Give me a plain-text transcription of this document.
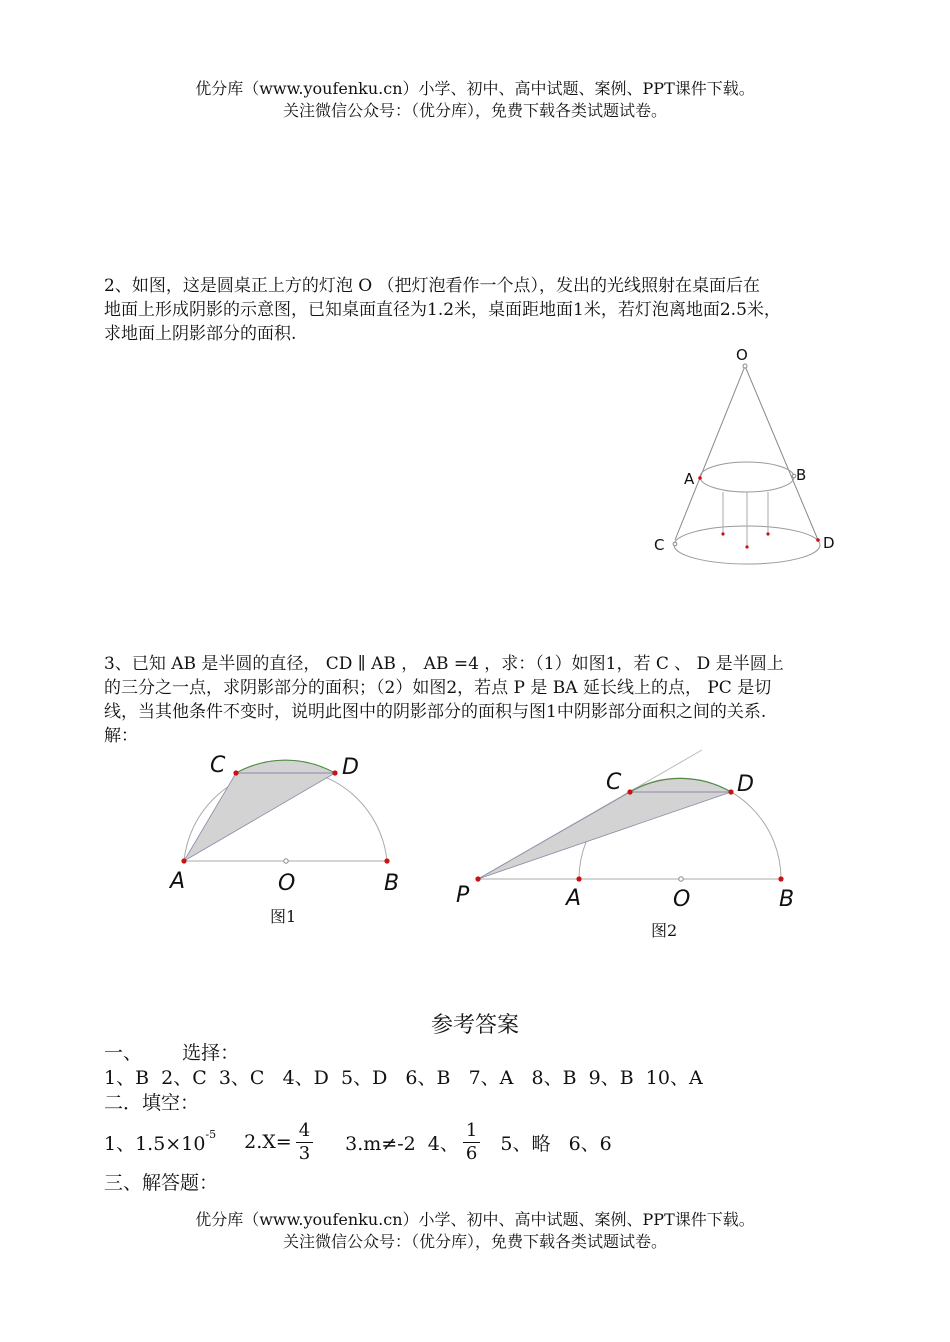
优分库（www.youfenku.cn）小学、初中、高中试题、案例、PPT课件下载。
关注微信公众号：（优分库），免费下载各类试题试卷。

2、如图，这是圆桌正上方的灯泡 O （把灯泡看作一个点），发出的光线照射在桌面后在

地面上形成阴影的示意图，已知桌面直径为1.2米，桌面距地面1米，若灯泡离地面2.5米，

求地面上阴影部分的面积.

O
A	B
C	D

3、已知 AB 是半圆的直径， CD ∥ AB ， AB =4 ，求：（1）如图1，若 C 、 D 是半圆上

的三分之一点，求阴影部分的面积；（2）如图2，若点 P 是 BA 延长线上的点， PC 是切

线，当其他条件不变时，说明此图中的阴影部分的面积与图1中阴影部分面积之间的关系.

解：

C	D
A	O	B
图1
C	D
P	A	O	B
图2
参考答案
一、 选择：
1、B  2、C  3、C   4、D  5、D   6、B   7、A   8、B  9、B  10、A
二．填空：
1、$1.5\times 10^{-5}$ $2.X= \frac{4}{3} 3.m\ne-2$  4、 $\frac{1}{6} 5$、略   6、6
三、解答题：
优分库（www.youfenku.cn）小学、初中、高中试题、案例、PPT课件下载。
关注微信公众号：（优分库），免费下载各类试题试卷。
